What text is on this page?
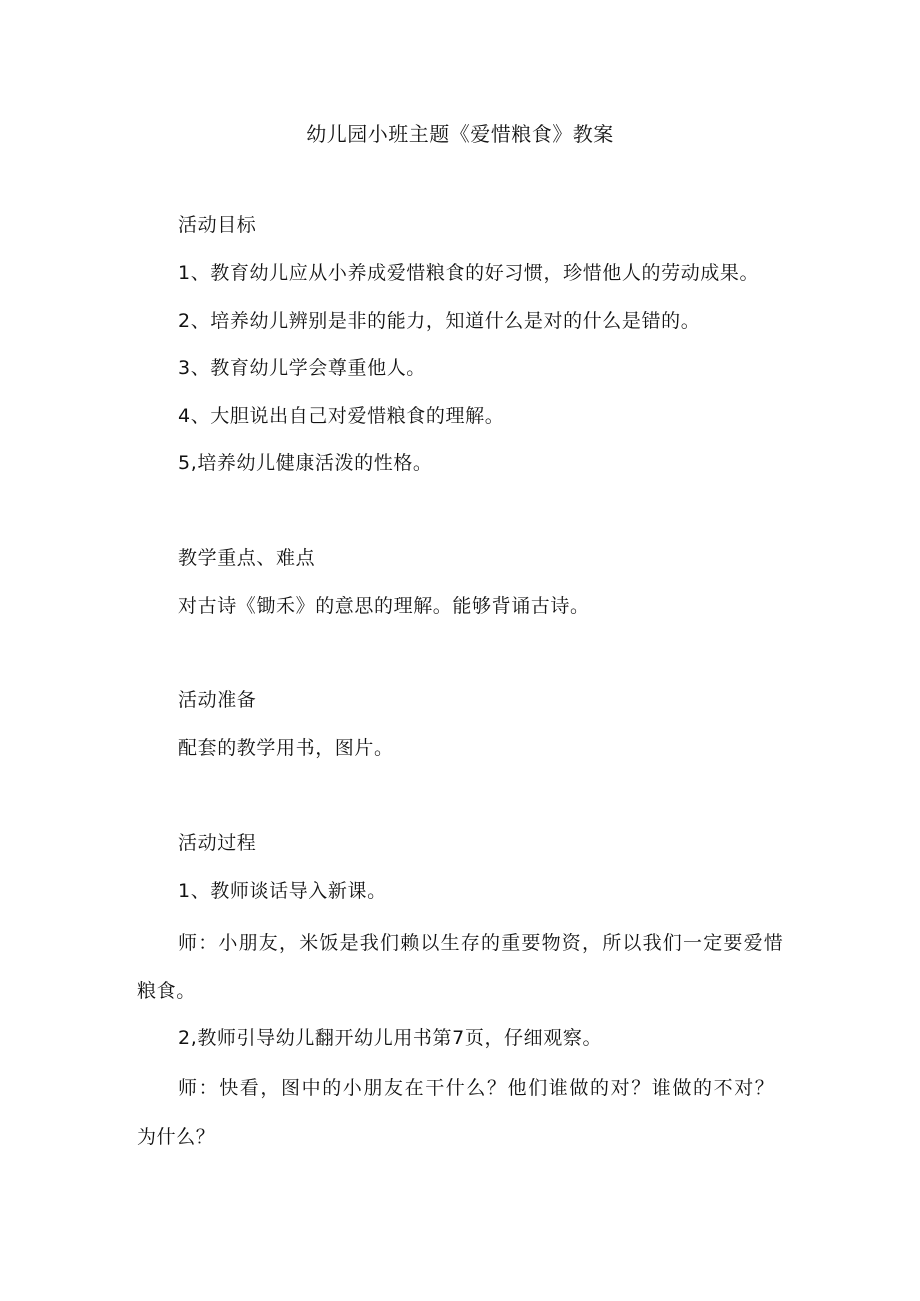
幼儿园小班主题《爱惜粮食》教案
活动目标
1、教育幼儿应从小养成爱惜粮食的好习惯，珍惜他人的劳动成果。
2、培养幼儿辨别是非的能力，知道什么是对的什么是错的。
3、教育幼儿学会尊重他人。
4、大胆说出自己对爱惜粮食的理解。
5,培养幼儿健康活泼的性格。
教学重点、难点
对古诗《锄禾》的意思的理解。能够背诵古诗。
活动准备
配套的教学用书，图片。
活动过程
1、教师谈话导入新课。
师：小朋友，米饭是我们赖以生存的重要物资，所以我们一定要爱惜
粮食。
2,教师引导幼儿翻开幼儿用书第7页，仔细观察。
师：快看，图中的小朋友在干什么？他们谁做的对？谁做的不对？
为什么？
